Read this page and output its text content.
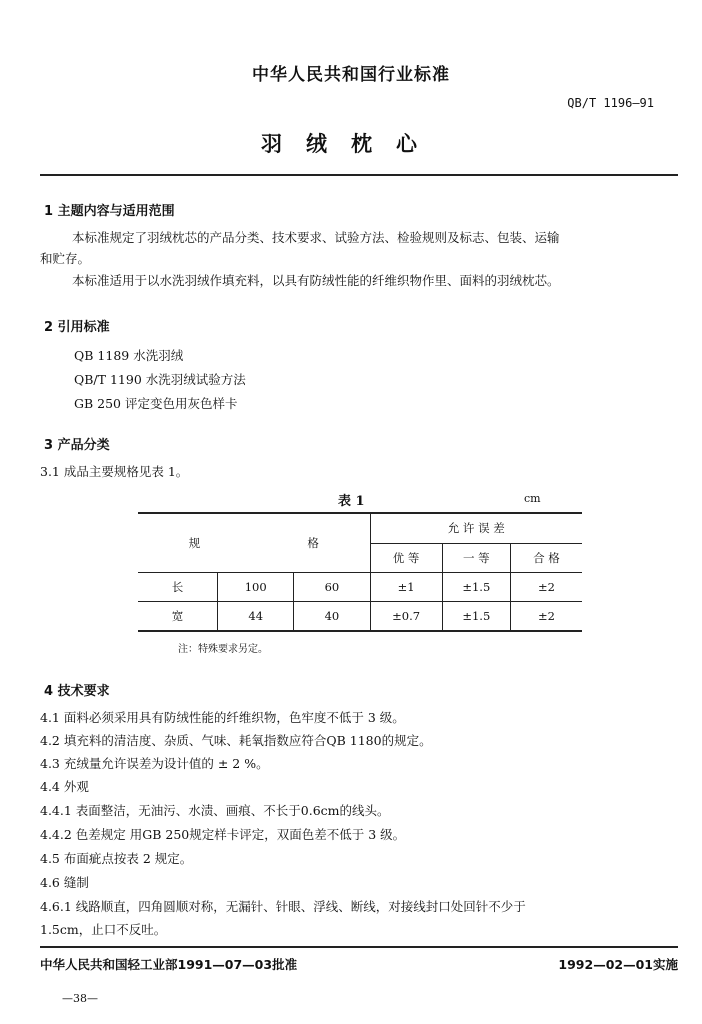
中华人民共和国行业标准
QB/T 1196—91
羽绒枕心
1 主题内容与适用范围
本标准规定了羽绒枕芯的产品分类、技术要求、试验方法、检验规则及标志、包装、运输
和贮存。
本标准适用于以水洗羽绒作填充料，以具有防绒性能的纤维织物作里、面料的羽绒枕芯。
2 引用标准
QB 1189 水洗羽绒
QB/T 1190 水洗羽绒试验方法
GB 250 评定变色用灰色样卡
3 产品分类
3.1 成品主要规格见表 1。
表 1	cm
规 格			允 许 误 差		
			优 等	一 等	合 格
长	100	60	±1	±1.5	±2
宽	44	40	±0.7	±1.5	±2
注：特殊要求另定。
4 技术要求
4.1 面料必须采用具有防绒性能的纤维织物，色牢度不低于 3 级。
4.2 填充料的清洁度、杂质、气味、耗氧指数应符合QB 1180的规定。
4.3 充绒量允许误差为设计值的 ± 2 %。
4.4 外观
4.4.1 表面整洁，无油污、水渍、画痕、不长于0.6cm的线头。
4.4.2 色差规定 用GB 250规定样卡评定，双面色差不低于 3 级。
4.5 布面疵点按表 2 规定。
4.6 缝制
4.6.1 线路顺直，四角圆顺对称，无漏针、针眼、浮线、断线，对接线封口处回针不少于
1.5cm，止口不反吐。
中华人民共和国轻工业部1991—07—03批准	1992—02—01实施
—38—
